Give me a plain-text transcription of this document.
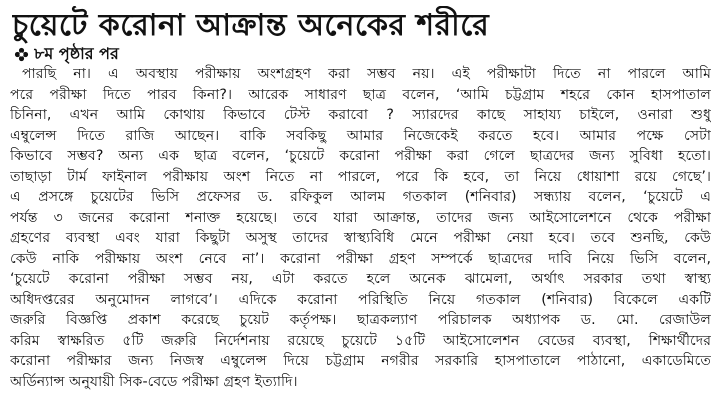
চুয়েটে করোনা আক্রান্ত অনেকের শরীরে
৮ম পৃষ্ঠার পর
পারছি না। এ অবস্থায় পরীক্ষায় অংশগ্রহণ করা সম্ভব নয়। এই পরীক্ষাটা দিতে না পারলে আমি
পরে পরীক্ষা দিতে পারব কিনা?। আরেক সাধারণ ছাত্র বলেন, ‘আমি চট্টগ্রাম শহরে কোন হাসপাতাল
চিনিনা, এখন আমি কোথায় কিভাবে টেস্ট করাবো ? স্যারদের কাছে সাহায্য চাইলে, ওনারা শুধু
এম্বুলেন্স দিতে রাজি আছেন। বাকি সবকিছু আমার নিজেকেই করতে হবে। আমার পক্ষে সেটা
কিভাবে সম্ভব? অন্য এক ছাত্র বলেন, ‘চুয়েটে করোনা পরীক্ষা করা গেলে ছাত্রদের জন্য সুবিধা হতো।
তাছাড়া টার্ম ফাইনাল পরীক্ষায় অংশ নিতে না পারলে, পরে কি হবে, তা নিয়ে ধোয়াশা রয়ে গেছে’।
এ প্রসঙ্গে চুয়েটের ভিসি প্রফেসর ড. রফিকুল আলম গতকাল (শনিবার) সন্ধ্যায় বলেন, ‘চুয়েটে এ
পর্যন্ত ৩ জনের করোনা শনাক্ত হয়েছে। তবে যারা আক্রান্ত, তাদের জন্য আইসোলেশনে থেকে পরীক্ষা
গ্রহণের ব্যবস্থা এবং যারা কিছুটা অসুস্থ তাদের স্বাস্থ্যবিধি মেনে পরীক্ষা নেয়া হবে। তবে শুনছি, কেউ
কেউ নাকি পরীক্ষায় অংশ নেবে না’। করোনা পরীক্ষা গ্রহণ সম্পর্কে ছাত্রদের দাবি নিয়ে ভিসি বলেন,
‘চুয়েটে করোনা পরীক্ষা সম্ভব নয়, এটা করতে হলে অনেক ঝামেলা, অর্থাৎ সরকার তথা স্বাস্থ্য
অধিদপ্তরের অনুমোদন লাগবে’। এদিকে করোনা পরিস্থিতি নিয়ে গতকাল (শনিবার) বিকেলে একটি
জরুরি বিজ্ঞপ্তি প্রকাশ করেছে চুয়েট কর্তৃপক্ষ। ছাত্রকল্যাণ পরিচালক অধ্যাপক ড. মো. রেজাউল
করিম স্বাক্ষরিত ৫টি জরুরি নির্দেশনায় রয়েছে চুয়েটে ১৫টি আইসোলেশন বেডের ব্যবস্থা, শিক্ষার্থীদের
করোনা পরীক্ষার জন্য নিজস্ব এম্বুলেন্স দিয়ে চট্টগ্রাম নগরীর সরকারি হাসপাতালে পাঠানো, একাডেমিতে
অর্ডিন্যান্স অনুযায়ী সিক-বেডে পরীক্ষা গ্রহণ ইত্যাদি।
